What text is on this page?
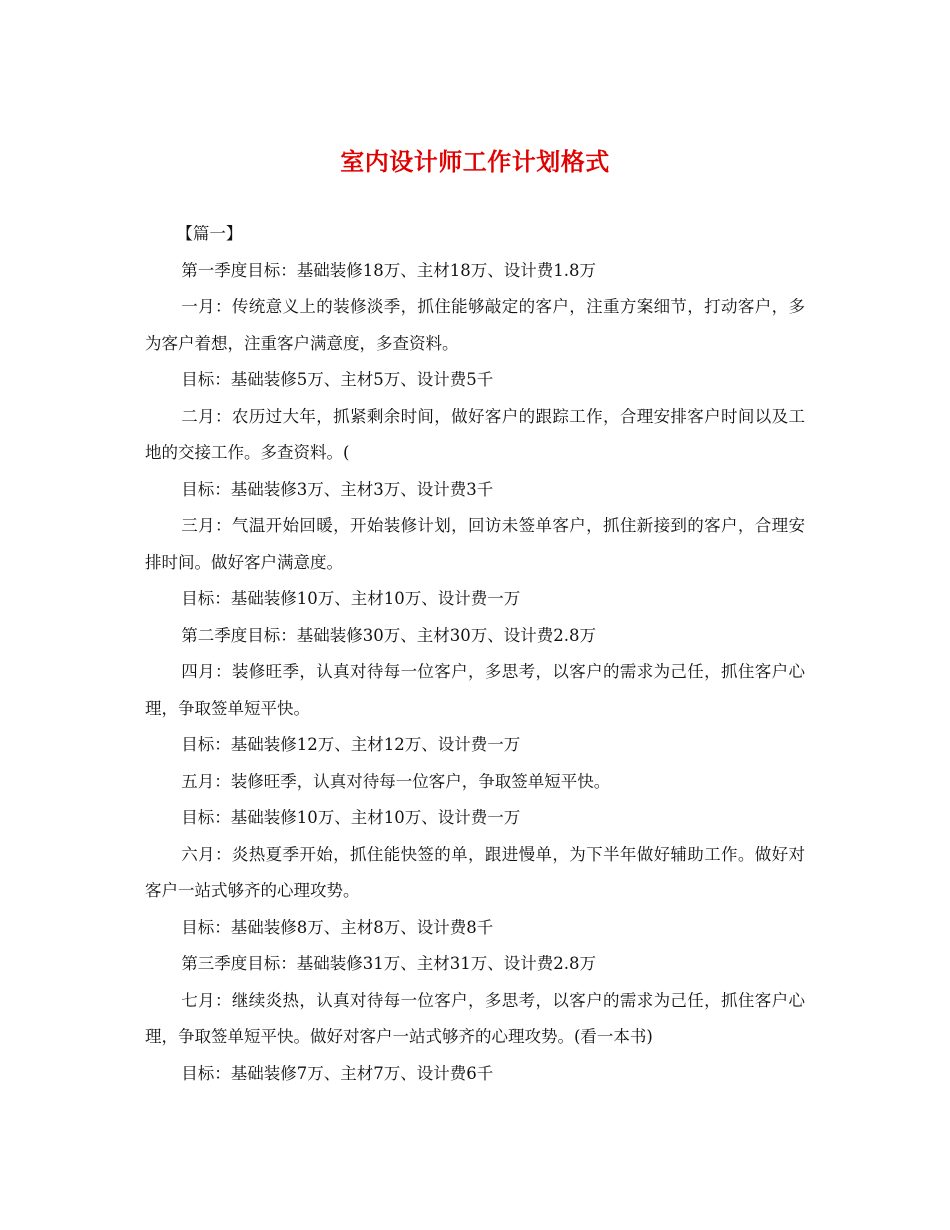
室内设计师工作计划格式

【篇一】

第一季度目标：基础装修18万、主材18万、设计费1.8万

一月：传统意义上的装修淡季，抓住能够敲定的客户，注重方案细节，打动客户，多为客户着想，注重客户满意度，多查资料。

目标：基础装修5万、主材5万、设计费5千

二月：农历过大年，抓紧剩余时间，做好客户的跟踪工作，合理安排客户时间以及工地的交接工作。多查资料。(

目标：基础装修3万、主材3万、设计费3千

三月：气温开始回暖，开始装修计划，回访未签单客户，抓住新接到的客户，合理安排时间。做好客户满意度。

目标：基础装修10万、主材10万、设计费一万

第二季度目标：基础装修30万、主材30万、设计费2.8万

四月：装修旺季，认真对待每一位客户，多思考，以客户的需求为己任，抓住客户心理，争取签单短平快。

目标：基础装修12万、主材12万、设计费一万

五月：装修旺季，认真对待每一位客户，争取签单短平快。

目标：基础装修10万、主材10万、设计费一万

六月：炎热夏季开始，抓住能快签的单，跟进慢单，为下半年做好辅助工作。做好对客户一站式够齐的心理攻势。

目标：基础装修8万、主材8万、设计费8千

第三季度目标：基础装修31万、主材31万、设计费2.8万

七月：继续炎热，认真对待每一位客户，多思考，以客户的需求为己任，抓住客户心理，争取签单短平快。做好对客户一站式够齐的心理攻势。(看一本书)

目标：基础装修7万、主材7万、设计费6千
